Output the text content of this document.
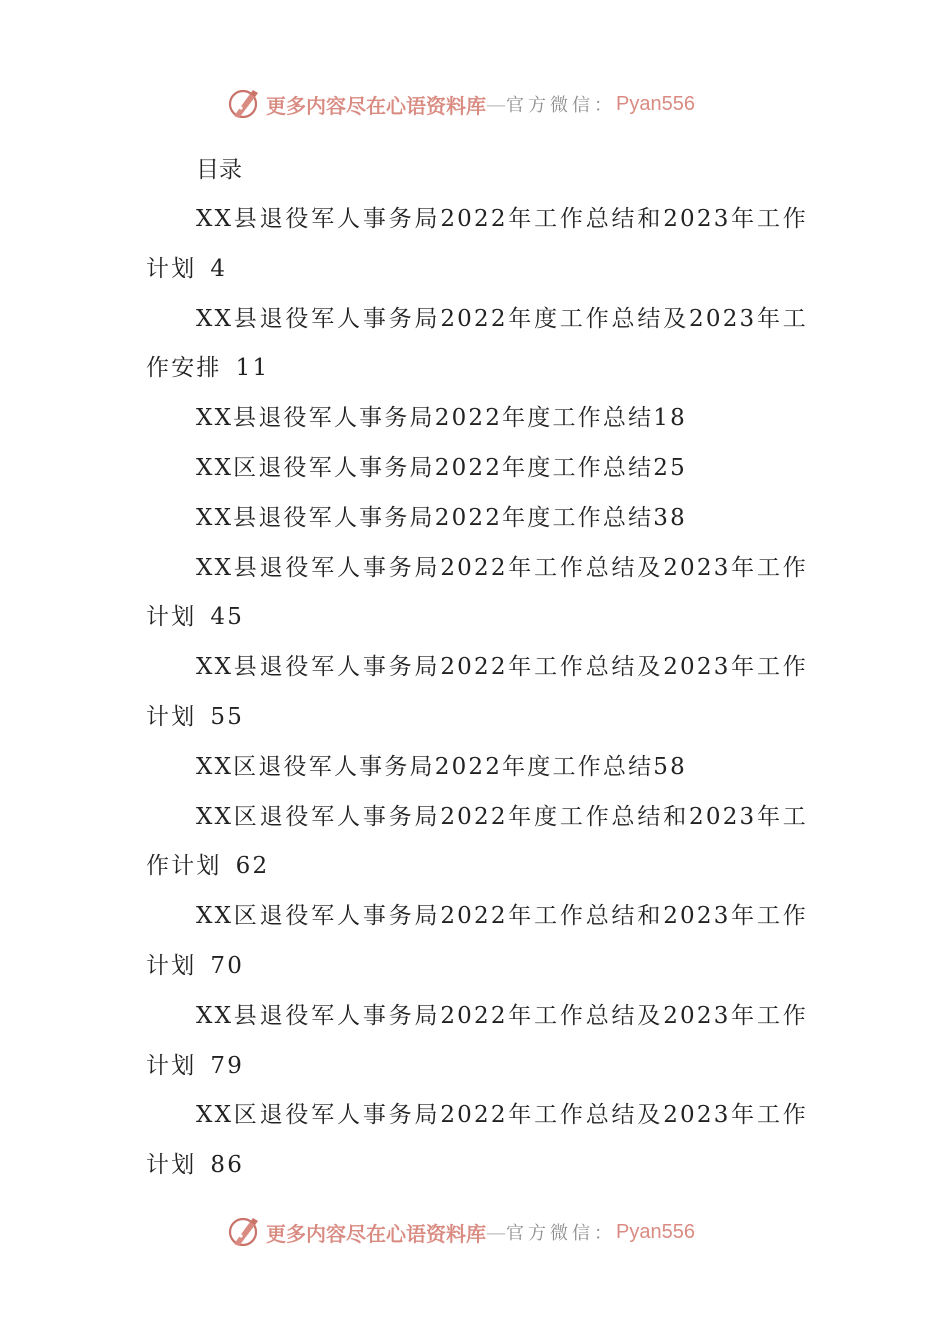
更多内容尽在心语资料库 — 官方微信： Pyan556
目录
XX县退役军人事务局2022年工作总结和2023年工作计划 4
XX县退役军人事务局2022年度工作总结及2023年工作安排 11
XX县退役军人事务局2022年度工作总结18
XX区退役军人事务局2022年度工作总结25
XX县退役军人事务局2022年度工作总结38
XX县退役军人事务局2022年工作总结及2023年工作计划 45
XX县退役军人事务局2022年工作总结及2023年工作计划 55
XX区退役军人事务局2022年度工作总结58
XX区退役军人事务局2022年度工作总结和2023年工作计划 62
XX区退役军人事务局2022年工作总结和2023年工作计划 70
XX县退役军人事务局2022年工作总结及2023年工作计划 79
XX区退役军人事务局2022年工作总结及2023年工作计划 86
更多内容尽在心语资料库 — 官方微信： Pyan556
